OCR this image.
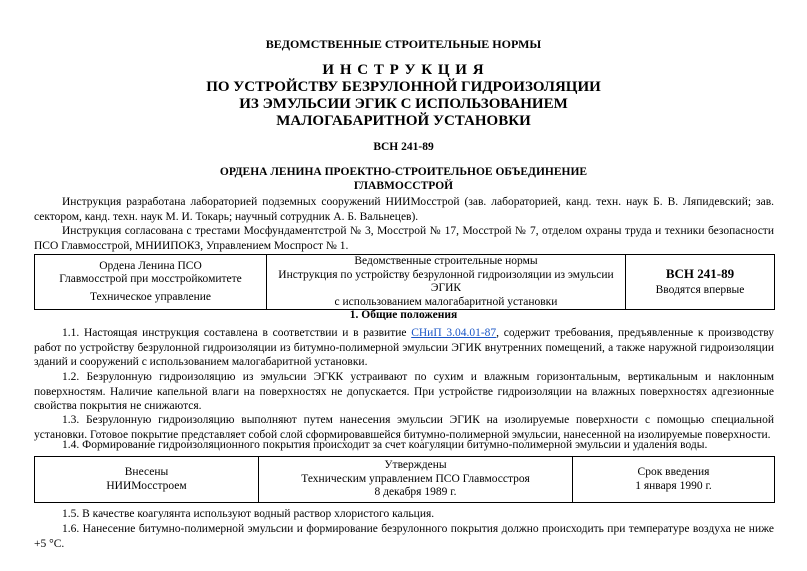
ВЕДОМСТВЕННЫЕ СТРОИТЕЛЬНЫЕ НОРМЫ
И Н С Т Р У К Ц И Я
ПО УСТРОЙСТВУ БЕЗРУЛОННОЙ ГИДРОИЗОЛЯЦИИ
ИЗ ЭМУЛЬСИИ ЭГИК С ИСПОЛЬЗОВАНИЕМ
МАЛОГАБАРИТНОЙ УСТАНОВКИ
ВСН 241-89
ОРДЕНА ЛЕНИНА ПРОЕКТНО-СТРОИТЕЛЬНОЕ ОБЪЕДИНЕНИЕ
ГЛАВМОССТРОЙ
Инструкция разработана лабораторией подземных сооружений НИИМосстрой (зав. лабораторией, канд. техн. наук Б. В. Ляпидевский; зав. сектором, канд. техн. наук М. И. Токарь; научный сотрудник А. Б. Вальнецев).
Инструкция согласована с трестами Мосфундаментстрой № 3, Мосстрой № 17, Мосстрой № 7, отделом охраны труда и техники безопасности ПСО Главмосстрой, МНИИПОКЗ, Управлением Моспрост № 1.
Ордена Ленина ПСО
Главмосстрой при мосстройкомитете
Техническое управление

Ведомственные строительные нормы
Инструкция по устройству безрулонной гидроизоляции из эмульсии ЭГИК
с использованием малогабаритной установки

ВСН 241-89
Вводятся впервые
1. Общие положения
1.1. Настоящая инструкция составлена в соответствии и в развитие СНиП 3.04.01-87, содержит требования, предъявленные к производству работ по устройству безрулонной гидроизоляции из битумно-полимерной эмульсии ЭГИК внутренних помещений, а также наружной гидроизоляции зданий и сооружений с использованием малогабаритной установки.
1.2. Безрулонную гидроизоляцию из эмульсии ЭГКК устраивают по сухим и влажным горизонтальным, вертикальным и наклонным поверхностям. Наличие капельной влаги на поверхностях не допускается. При устройстве гидроизоляции на влажных поверхностях адгезионные свойства покрытия не снижаются.
1.3. Безрулонную гидроизоляцию выполняют путем нанесения эмульсии ЭГИК на изолируемые поверхности с помощью специальной установки. Готовое покрытие представляет собой слой сформировавшейся битумно-полимерной эмульсии, нанесенной на изолируемые поверхности.
1.4. Формирование гидроизоляционного покрытия происходит за счет коагуляции битумно-полимерной эмульсии и удаления воды.
Внесены
НИИМосстроем

Утверждены
Техническим управлением ПСО Главмосстроя
8 декабря 1989 г.

Срок введения
1 января 1990 г.
1.5. В качестве коагулянта используют водный раствор хлористого кальция.
1.6. Нанесение битумно-полимерной эмульсии и формирование безрулонного покрытия должно происходить при температуре воздуха не ниже +5 °С.
